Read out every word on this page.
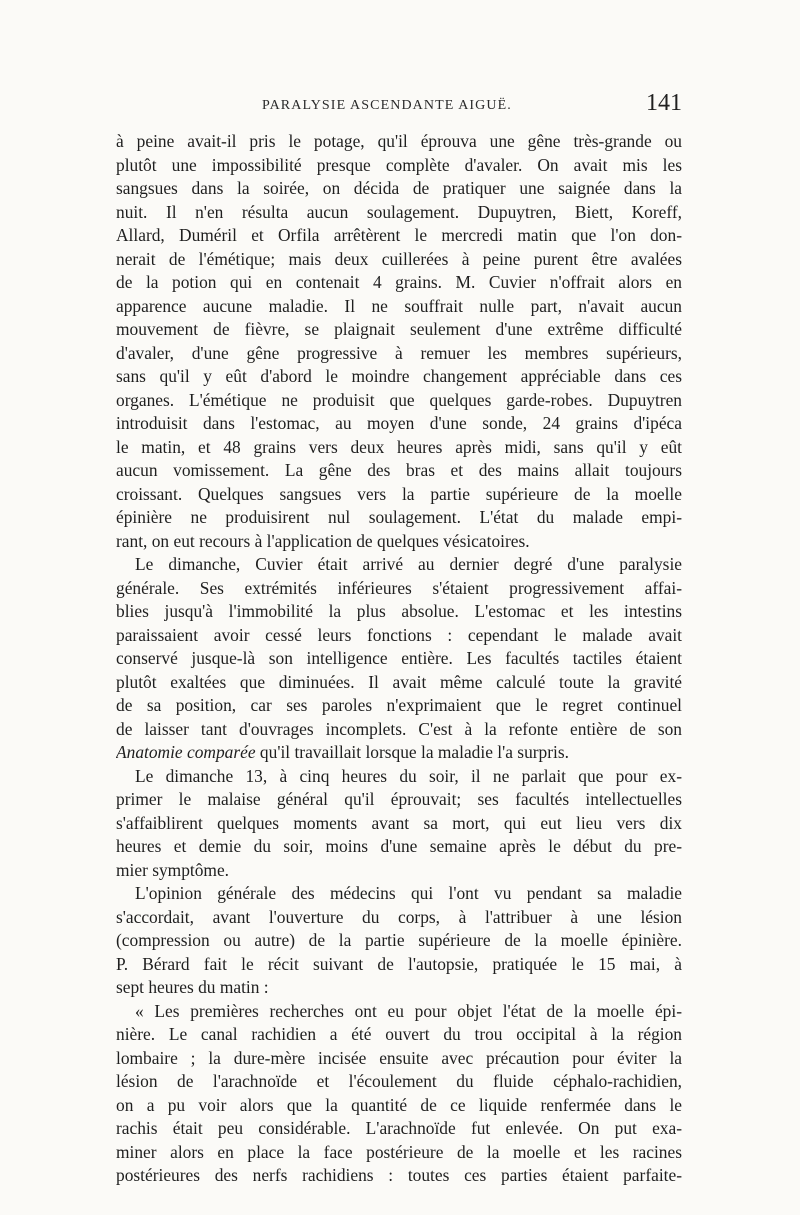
PARALYSIE ASCENDANTE AIGUË.	141
à peine avait-il pris le potage, qu'il éprouva une gêne très-grande ou
plutôt une impossibilité presque complète d'avaler. On avait mis les
sangsues dans la soirée, on décida de pratiquer une saignée dans la
nuit. Il n'en résulta aucun soulagement. Dupuytren, Biett, Koreff,
Allard, Duméril et Orfila arrêtèrent le mercredi matin que l'on don-
nerait de l'émétique; mais deux cuillerées à peine purent être avalées
de la potion qui en contenait 4 grains. M. Cuvier n'offrait alors en
apparence aucune maladie. Il ne souffrait nulle part, n'avait aucun
mouvement de fièvre, se plaignait seulement d'une extrême difficulté
d'avaler, d'une gêne progressive à remuer les membres supérieurs,
sans qu'il y eût d'abord le moindre changement appréciable dans ces
organes. L'émétique ne produisit que quelques garde-robes. Dupuytren
introduisit dans l'estomac, au moyen d'une sonde, 24 grains d'ipéca
le matin, et 48 grains vers deux heures après midi, sans qu'il y eût
aucun vomissement. La gêne des bras et des mains allait toujours
croissant. Quelques sangsues vers la partie supérieure de la moelle
épinière ne produisirent nul soulagement. L'état du malade empi-
rant, on eut recours à l'application de quelques vésicatoires.
Le dimanche, Cuvier était arrivé au dernier degré d'une paralysie
générale. Ses extrémités inférieures s'étaient progressivement affai-
blies jusqu'à l'immobilité la plus absolue. L'estomac et les intestins
paraissaient avoir cessé leurs fonctions : cependant le malade avait
conservé jusque-là son intelligence entière. Les facultés tactiles étaient
plutôt exaltées que diminuées. Il avait même calculé toute la gravité
de sa position, car ses paroles n'exprimaient que le regret continuel
de laisser tant d'ouvrages incomplets. C'est à la refonte entière de son
Anatomie comparée qu'il travaillait lorsque la maladie l'a surpris.
Le dimanche 13, à cinq heures du soir, il ne parlait que pour ex-
primer le malaise général qu'il éprouvait; ses facultés intellectuelles
s'affaiblirent quelques moments avant sa mort, qui eut lieu vers dix
heures et demie du soir, moins d'une semaine après le début du pre-
mier symptôme.
L'opinion générale des médecins qui l'ont vu pendant sa maladie
s'accordait, avant l'ouverture du corps, à l'attribuer à une lésion
(compression ou autre) de la partie supérieure de la moelle épinière.
P. Bérard fait le récit suivant de l'autopsie, pratiquée le 15 mai, à
sept heures du matin :
« Les premières recherches ont eu pour objet l'état de la moelle épi-
nière. Le canal rachidien a été ouvert du trou occipital à la région
lombaire ; la dure-mère incisée ensuite avec précaution pour éviter la
lésion de l'arachnoïde et l'écoulement du fluide céphalo-rachidien,
on a pu voir alors que la quantité de ce liquide renfermée dans le
rachis était peu considérable. L'arachnoïde fut enlevée. On put exa-
miner alors en place la face postérieure de la moelle et les racines
postérieures des nerfs rachidiens : toutes ces parties étaient parfaite-
